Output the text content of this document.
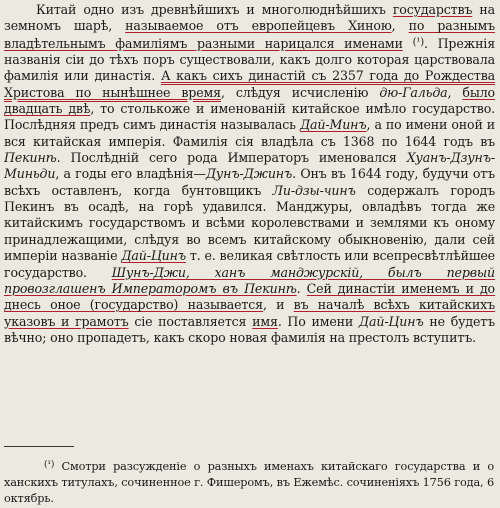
Китай одно изъ древнѣйшихъ и многолюднѣйшихъ государствъ на земномъ шарѣ, называемое отъ европейцевъ Хиною, по разнымъ владѣтельнымъ фамиліямъ разными нарицался именами $^{(^1)}$. Прежнія названія сіи до тѣхъ поръ существовали, какъ долго которая царствовала фамилія или династія. А какъ сихъ династій съ 2357 года до Рождества Христова по нынѣшнее время, слѣдуя исчисленію дю-Гальда, было двадцать двѣ, то столькоже и именованій китайское имѣло государство. Послѣдняя предъ симъ династія называлась Дай-Минъ, а по имени оной и вся китайская имперія. Фамилія сія владѣла съ 1368 по 1644 годъ въ Пекинѣ. Послѣдній сего рода Императоръ именовался Хуанъ-Дзунъ-Миньди, а годы его владѣнія—Дунъ-Джинъ. Онъ въ 1644 году, будучи отъ всѣхъ оставленъ, когда бунтовщикъ Ли-дзы-чинъ содержалъ городъ Пекинъ въ осадѣ, на горѣ удавился. Манджуры, овладѣвъ тогда же китайскимъ государствомъ и всѣми королевствами и землями къ оному принадлежащими, слѣдуя во всемъ китайскому обыкновенію, дали сей имперіи названіе Дай-Цинъ т. е. великая свѣтлость или всепресвѣтлѣйшее государство. Шунъ-Джи, ханъ манджурскій, былъ первый провозглашенъ Императоромъ въ Пекинѣ. Сей династіи именемъ и до днесь оное (государство) называется, и въ началѣ всѣхъ китайскихъ указовъ и грамотъ сіе поставляется имя. По имени Дай-Цинъ не будетъ вѣчно; оно пропадетъ, какъ скоро новая фамилія на престолъ вступитъ.

$^{(^1)}$ Смотри разсужденіе о разныхъ именахъ китайскаго государства и о ханскихъ титулахъ, сочиненное г. Фишеромъ, въ Ежемѣс. сочиненіяхъ 1756 года, 6 октябрь.
